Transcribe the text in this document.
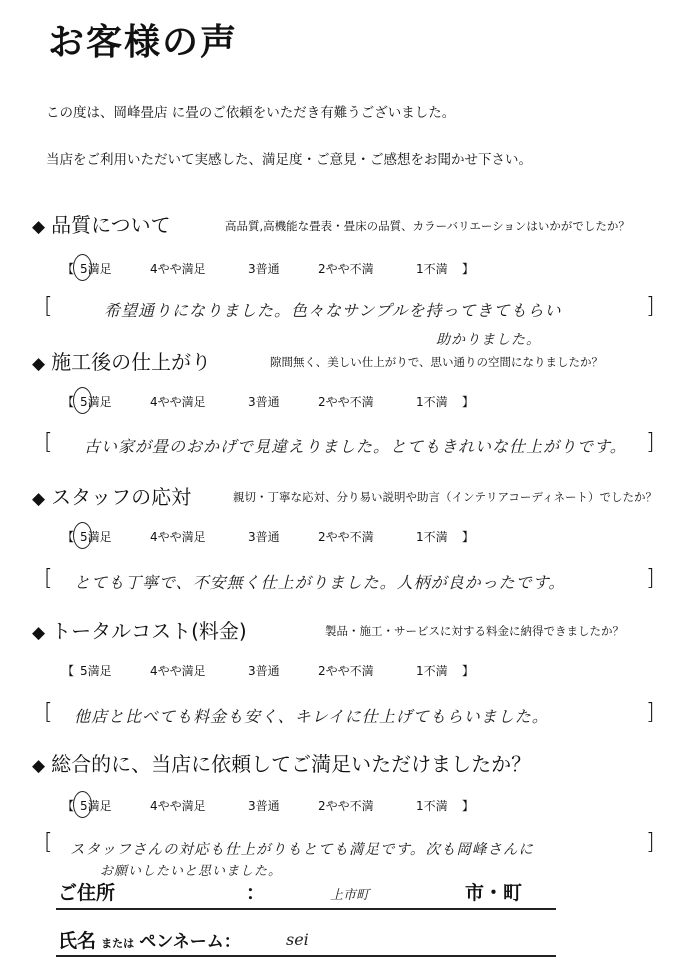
お客様の声
この度は、岡峰畳店 に畳のご依頼をいただき有難うございました。
当店をご利用いただいて実感した、満足度・ご意見・ご感想をお聞かせ下さい。
◆ 品質について	高品質,高機能な畳表・畳床の品質、カラーバリエーションはいかがでしたか？
【 5満足	4やや満足	3普通	2やや不満	1不満	】
[	希望通りになりました。色々なサンプルを持ってきてもらい
助かりました。
]
◆ 施工後の仕上がり	隙間無く、美しい仕上がりで、思い通りの空間になりましたか？
【 5満足	4やや満足	3普通	2やや不満	1不満	】
[ 古い家が畳のおかげで見違えりました。とてもきれいな仕上がりです。 ]
◆ スタッフの応対	親切・丁寧な応対、分り易い説明や助言（インテリアコーディネート）でしたか？
【 5満足	4やや満足	3普通	2やや不満	1不満	】
[ とても丁寧で、不安無く仕上がりました。人柄が良かったです。	]
◆ トータルコスト(料金)	製品・施工・サービスに対する料金に納得できましたか？
【 5満足	4やや満足	3普通	2やや不満	1不満	】
[ 他店と比べても料金も安く、キレイに仕上げてもらいました。	]
◆ 総合的に、当店に依頼してご満足いただけましたか？
【 5満足	4やや満足	3普通	2やや不満	1不満	】
[ スタッフさんの対応も仕上がりもとても満足です。次も岡峰さんに
お願いしたいと思いました。
]
ご住所	：	上市町	市・町
氏名 または ペンネーム：	sei
